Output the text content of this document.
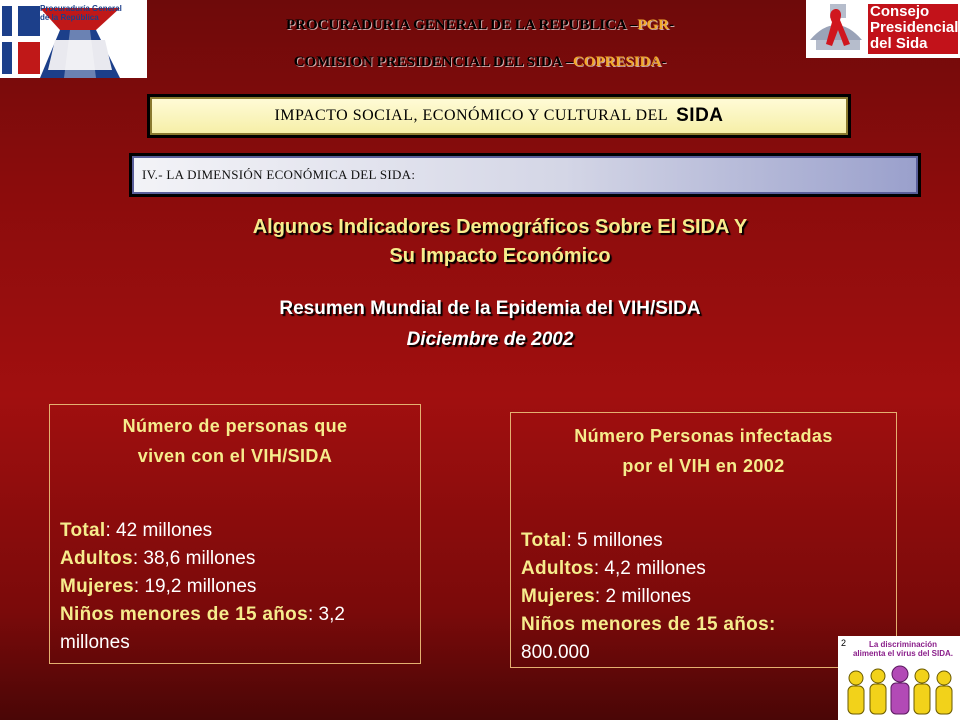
Procuraduría General
de la República	Consejo
Presidencial
del Sida
PROCURADURIA GENERAL DE LA REPUBLICA –PGR-
COMISION PRESIDENCIAL DEL SIDA –COPRESIDA-
IMPACTO SOCIAL, ECONÓMICO Y CULTURAL DEL SIDA
IV.- LA DIMENSIÓN ECONÓMICA DEL SIDA:
Algunos Indicadores Demográficos Sobre El SIDA Y
Su Impacto Económico
Resumen Mundial de la Epidemia del VIH/SIDA
Diciembre de 2002
Número de personas que
viven con el VIH/SIDA
Total: 42 millones
Adultos: 38,6 millones
Mujeres: 19,2 millones
Niños menores de 15 años: 3,2
millones
Número Personas infectadas
por el VIH en 2002
Total: 5 millones
Adultos: 4,2 millones
Mujeres: 2 millones
Niños menores de 15 años:
800.000	2	La discriminación
alimenta el virus del SIDA.
